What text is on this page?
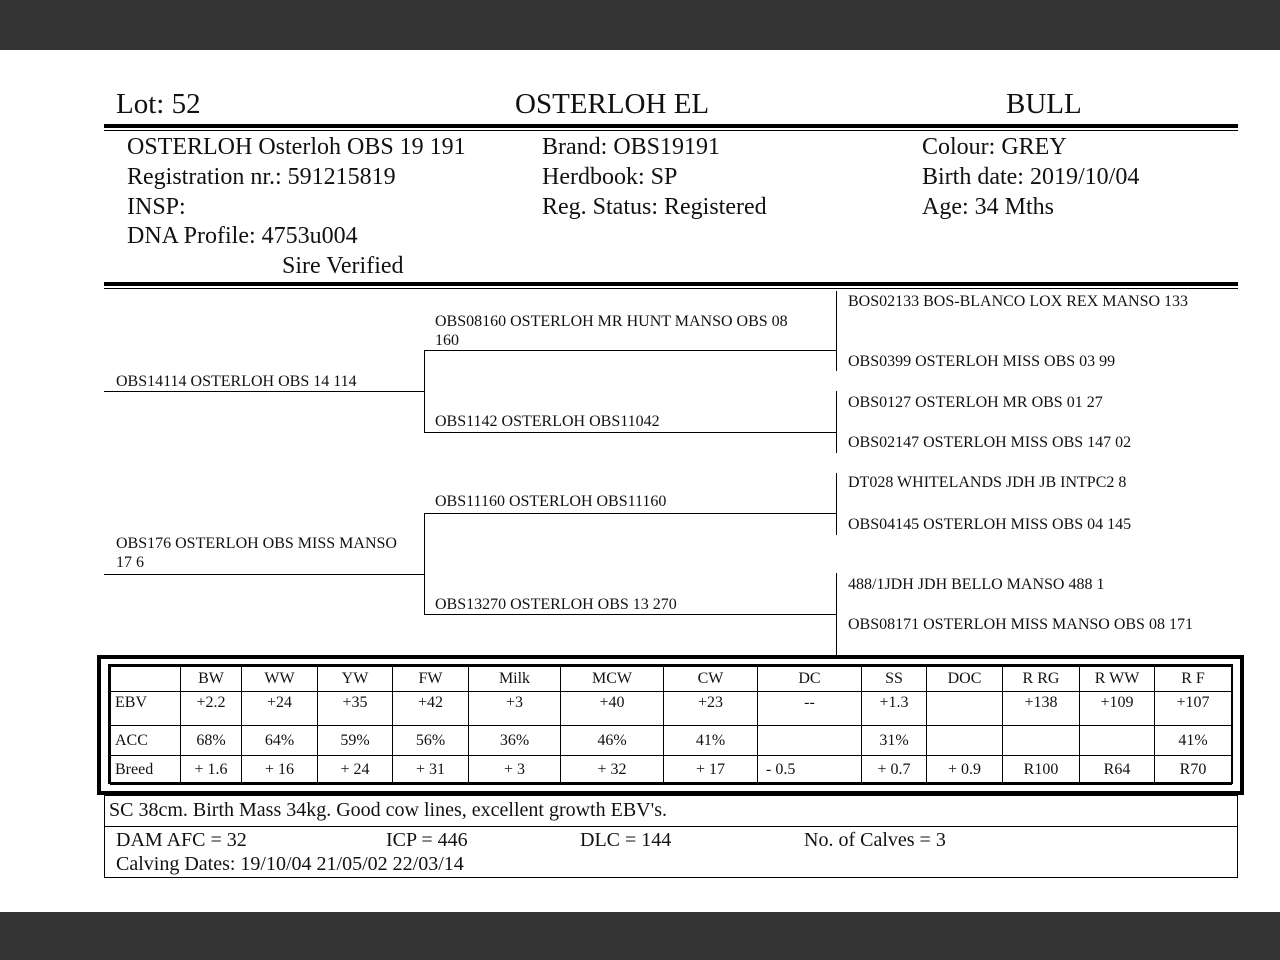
Lot: 52	OSTERLOH EL	BULL
OSTERLOH Osterloh OBS 19 191
Registration nr.: 591215819
INSP:
DNA Profile: 4753u004
Sire Verified
Brand: OBS19191
Herdbook: SP
Reg. Status: Registered
Colour: GREY
Birth date: 2019/10/04
Age: 34 Mths
OBS14114 OSTERLOH OBS 14 114
OBS176 OSTERLOH OBS MISS MANSO 17 6
OBS08160 OSTERLOH MR HUNT MANSO OBS 08 160
OBS1142 OSTERLOH OBS11042
OBS11160 OSTERLOH OBS11160
OBS13270 OSTERLOH OBS 13 270
BOS02133 BOS-BLANCO LOX REX MANSO 133
OBS0399 OSTERLOH MISS OBS 03 99
OBS0127 OSTERLOH MR OBS 01 27
OBS02147 OSTERLOH MISS OBS 147 02
DT028 WHITELANDS JDH JB INTPC2 8
OBS04145 OSTERLOH MISS OBS 04 145
488/1JDH JDH BELLO MANSO 488 1
OBS08171 OSTERLOH MISS MANSO OBS 08 171
	BW	WW	YW	FW	Milk	MCW	CW	DC	SS	DOC	R RG	R WW	R F
EBV	+2.2	+24	+35	+42	+3	+40	+23	--	+1.3		+138	+109	+107
ACC	68%	64%	59%	56%	36%	46%	41%		31%				41%
Breed	+ 1.6	+ 16	+ 24	+ 31	+ 3	+ 32	+ 17	- 0.5	+ 0.7	+ 0.9	R100	R64	R70
SC 38cm. Birth Mass 34kg. Good cow lines, excellent growth EBV's.
DAM AFC = 32	ICP = 446	DLC = 144	No. of Calves = 3
Calving Dates: 19/10/04 21/05/02 22/03/14
